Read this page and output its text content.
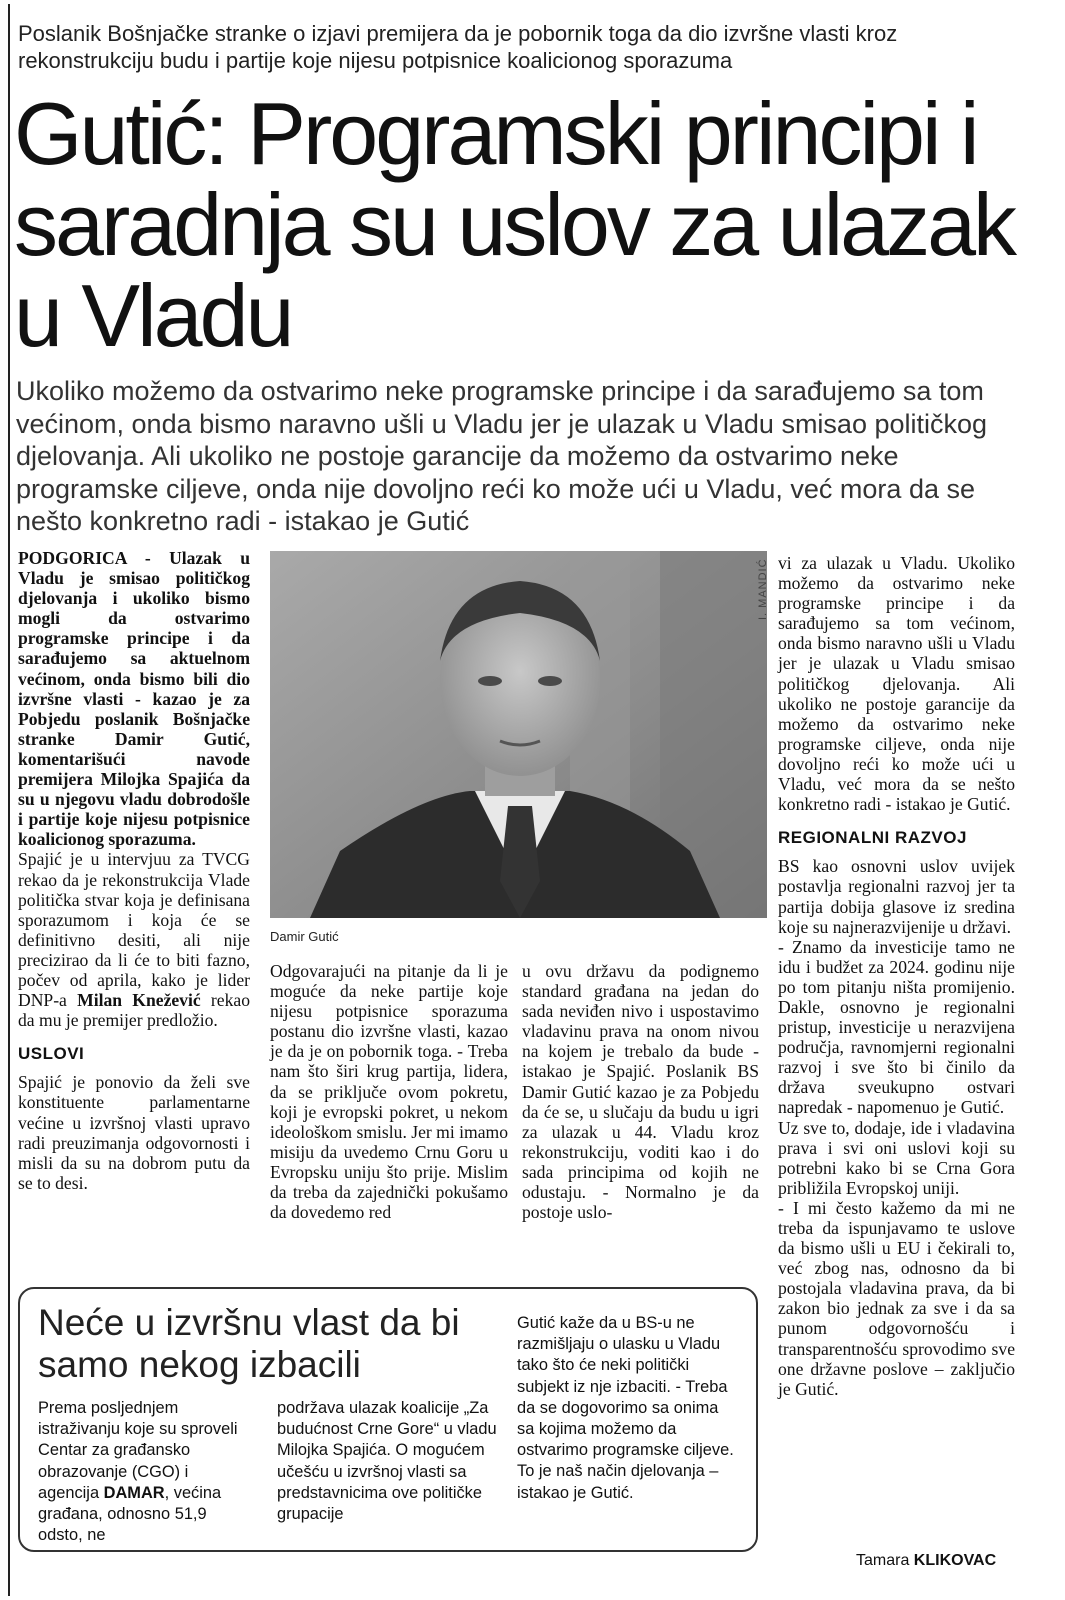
Poslanik Bošnjačke stranke o izjavi premijera da je pobornik toga da dio izvršne vlasti kroz rekonstrukciju budu i partije koje nijesu potpisnice koalicionog sporazuma
Gutić: Programski principi i saradnja su uslov za ulazak u Vladu
Ukoliko možemo da ostvarimo neke programske principe i da sarađujemo sa tom većinom, onda bismo naravno ušli u Vladu jer je ulazak u Vladu smisao političkog djelovanja. Ali ukoliko ne postoje garancije da možemo da ostvarimo neke programske ciljeve, onda nije dovoljno reći ko može ući u Vladu, već mora da se nešto konkretno radi - istakao je Gutić

PODGORICA - Ulazak u Vladu je smisao političkog djelovanja i ukoliko bismo mogli da ostvarimo programske principe i da sarađujemo sa aktuelnom većinom, onda bismo bili dio izvršne vlasti - kazao je za Pobjedu poslanik Bošnjačke stranke Damir Gutić, komentarišući navode premijera Milojka Spajića da su u njegovu vladu dobrodošle i partije koje nijesu potpisnice koalicionog sporazuma.

Spajić je u intervjuu za TVCG rekao da je rekonstrukcija Vlade politička stvar koja je definisana sporazumom i koja će se definitivno desiti, ali nije precizirao da li će to biti fazno, počev od aprila, kako je lider DNP-a Milan Knežević rekao da mu je premijer predložio.

USLOVI

Spajić je ponovio da želi sve konstituente parlamentarne većine u izvršnoj vlasti upravo radi preuzimanja odgovornosti i misli da su na dobrom putu da se to desi.

I. MANDIĆ
Damir Gutić

Odgovarajući na pitanje da li je moguće da neke partije koje nijesu potpisnice sporazuma postanu dio izvršne vlasti, kazao je da je on pobornik toga. - Treba nam što širi krug partija, lidera, da se priključe ovom pokretu, koji je evropski pokret, u nekom ideološkom smislu. Jer mi imamo misiju da uvedemo Crnu Goru u Evropsku uniju što prije. Mislim da treba da zajednički pokušamo da dovedemo red

u ovu državu da podignemo standard građana na jedan do sada neviđen nivo i uspostavimo vladavinu prava na onom nivou na kojem je trebalo da bude - istakao je Spajić. Poslanik BS Damir Gutić kazao je za Pobjedu da će se, u slučaju da budu u igri za ulazak u 44. Vladu kroz rekonstrukciju, voditi kao i do sada principima od kojih ne odustaju. - Normalno je da postoje uslo-

vi za ulazak u Vladu. Ukoliko možemo da ostvarimo neke programske principe i da sarađujemo sa tom većinom, onda bismo naravno ušli u Vladu jer je ulazak u Vladu smisao političkog djelovanja. Ali ukoliko ne postoje garancije da možemo da ostvarimo neke programske ciljeve, onda nije dovoljno reći ko može ući u Vladu, već mora da se nešto konkretno radi - istakao je Gutić.

REGIONALNI RAZVOJ

BS kao osnovni uslov uvijek postavlja regionalni razvoj jer ta partija dobija glasove iz sredina koje su najnerazvijenije u državi.

- Znamo da investicije tamo ne idu i budžet za 2024. godinu nije po tom pitanju ništa promijenio. Dakle, osnovno je regionalni pristup, investicije u nerazvijena područja, ravnomjerni regionalni razvoj i sve što bi činilo da država sveukupno ostvari napredak - napomenuo je Gutić.

Uz sve to, dodaje, ide i vladavina prava i svi oni uslovi koji su potrebni kako bi se Crna Gora približila Evropskoj uniji.

- I mi često kažemo da mi ne treba da ispunjavamo te uslove da bismo ušli u EU i čekirali to, već zbog nas, odnosno da bi postojala vladavina prava, da bi zakon bio jednak za sve i da sa punom odgovornošću i transparentnošću sprovodimo sve one državne poslove – zaključio je Gutić.

Neće u izvršnu vlast da bi samo nekog izbacili
Prema posljednjem istraživanju koje su sproveli Centar za građansko obrazovanje (CGO) i agencija DAMAR, većina građana, odnosno 51,9 odsto, ne
podržava ulazak koalicije „Za budućnost Crne Gore“ u vladu Milojka Spajića. O mogućem učešću u izvršnoj vlasti sa predstavnicima ove političke grupacije
Gutić kaže da u BS-u ne razmišljaju o ulasku u Vladu tako što će neki politički subjekt iz nje izbaciti. - Treba da se dogovorimo sa onima sa kojima možemo da ostvarimo programske ciljeve. To je naš način djelovanja – istakao je Gutić.
Tamara KLIKOVAC
